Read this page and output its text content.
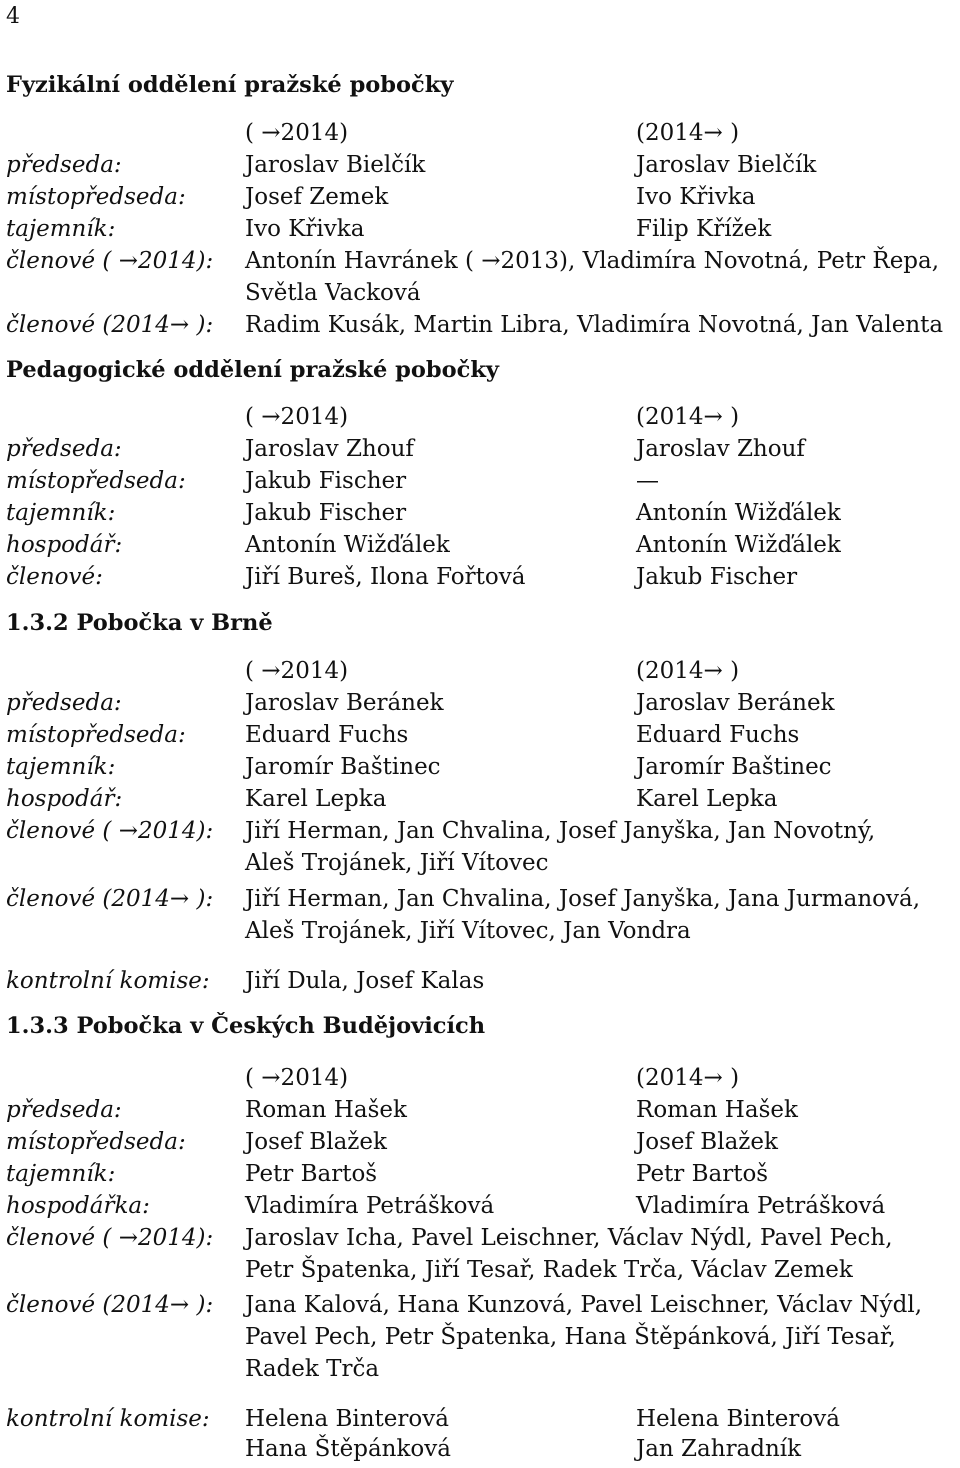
4
Fyzikální oddělení pražské pobočky
( →2014)	(2014→ )
předseda:	Jaroslav Bielčík	Jaroslav Bielčík
místopředseda:	Josef Zemek	Ivo Křivka
tajemník:	Ivo Křivka	Filip Křížek
členové ( →2014): Antonín Havránek ( →2013), Vladimíra Novotná, Petr Řepa,
Světla Vacková
členové (2014→ ): Radim Kusák, Martin Libra, Vladimíra Novotná, Jan Valenta
Pedagogické oddělení pražské pobočky
( →2014)	(2014→ )
předseda:	Jaroslav Zhouf	Jaroslav Zhouf
místopředseda:	Jakub Fischer	—
tajemník:	Jakub Fischer	Antonín Wižďálek
hospodář:	Antonín Wižďálek	Antonín Wižďálek
členové:	Jiří Bureš, Ilona Fořtová	Jakub Fischer
1.3.2 Pobočka v Brně
( →2014)	(2014→ )
předseda:	Jaroslav Beránek	Jaroslav Beránek
místopředseda:	Eduard Fuchs	Eduard Fuchs
tajemník:	Jaromír Baštinec	Jaromír Baštinec
hospodář:	Karel Lepka	Karel Lepka
členové ( →2014): Jiří Herman, Jan Chvalina, Josef Janyška, Jan Novotný,
Aleš Trojánek, Jiří Vítovec
členové (2014→ ): Jiří Herman, Jan Chvalina, Josef Janyška, Jana Jurmanová,
Aleš Trojánek, Jiří Vítovec, Jan Vondra
kontrolní komise: Jiří Dula, Josef Kalas
1.3.3 Pobočka v Českých Budějovicích
( →2014)	(2014→ )
předseda:	Roman Hašek	Roman Hašek
místopředseda:	Josef Blažek	Josef Blažek
tajemník:	Petr Bartoš	Petr Bartoš
hospodářka:	Vladimíra Petrášková	Vladimíra Petrášková
členové ( →2014): Jaroslav Icha, Pavel Leischner, Václav Nýdl, Pavel Pech,
Petr Špatenka, Jiří Tesař, Radek Trča, Václav Zemek
členové (2014→ ): Jana Kalová, Hana Kunzová, Pavel Leischner, Václav Nýdl,
Pavel Pech, Petr Špatenka, Hana Štěpánková, Jiří Tesař,
Radek Trča
kontrolní komise: Helena Binterová	Helena Binterová
Hana Štěpánková	Jan Zahradník
